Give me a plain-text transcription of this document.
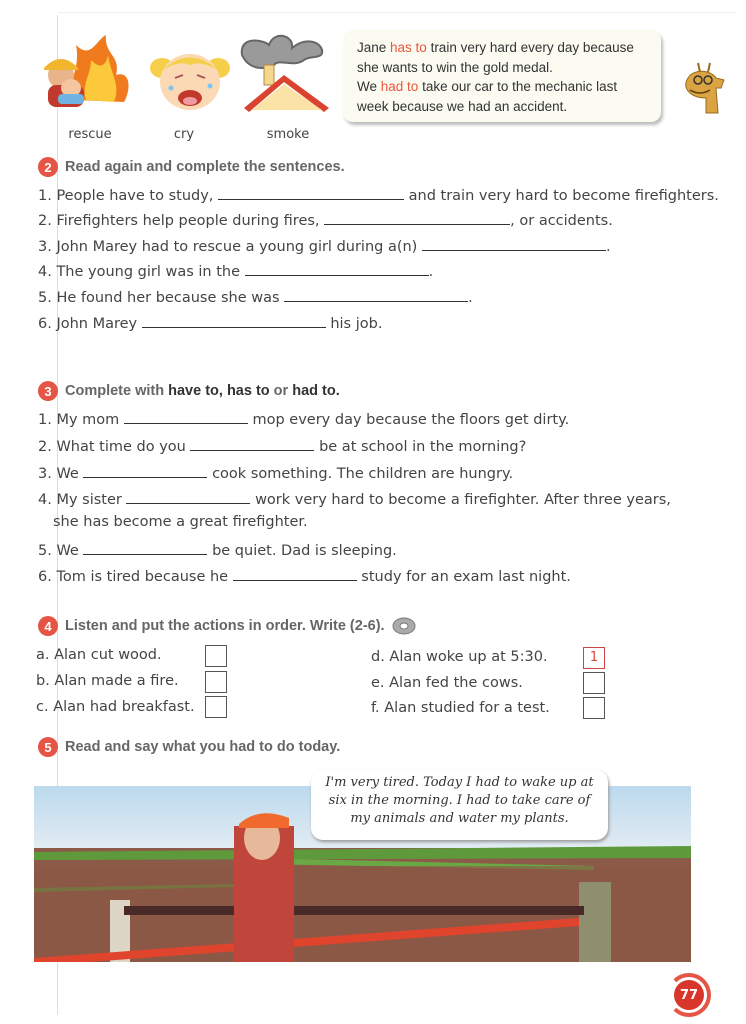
rescue	cry	smoke
Jane has to train very hard every day because she wants to win the gold medal.
We had to take our car to the mechanic last week because we had an accident.
2 Read again and complete the sentences.
1. People have to study,	and train very hard to become firefighters.
2. Firefighters help people during fires,	, or accidents.
3. John Marey had to rescue a young girl during a(n)	.
4. The young girl was in the	.
5. He found her because she was	.
6. John Marey	his job.
3 Complete with have to, has to or had to.
1. My mom	mop every day because the floors get dirty.
2. What time do you	be at school in the morning?
3. We	cook something. The children are hungry.
4. My sister	work very hard to become a firefighter. After three years,
she has become a great firefighter.
5. We	be quiet. Dad is sleeping.
6. Tom is tired because he	study for an exam last night.
4 Listen and put the actions in order. Write (2-6).
a. Alan cut wood.
b. Alan made a fire.
c. Alan had breakfast.
d. Alan woke up at 5:30.	1
e. Alan fed the cows.
f. Alan studied for a test.
5 Read and say what you had to do today.
I'm very tired. Today I had to wake up at six in the morning. I had to take care of my animals and water my plants.
77
